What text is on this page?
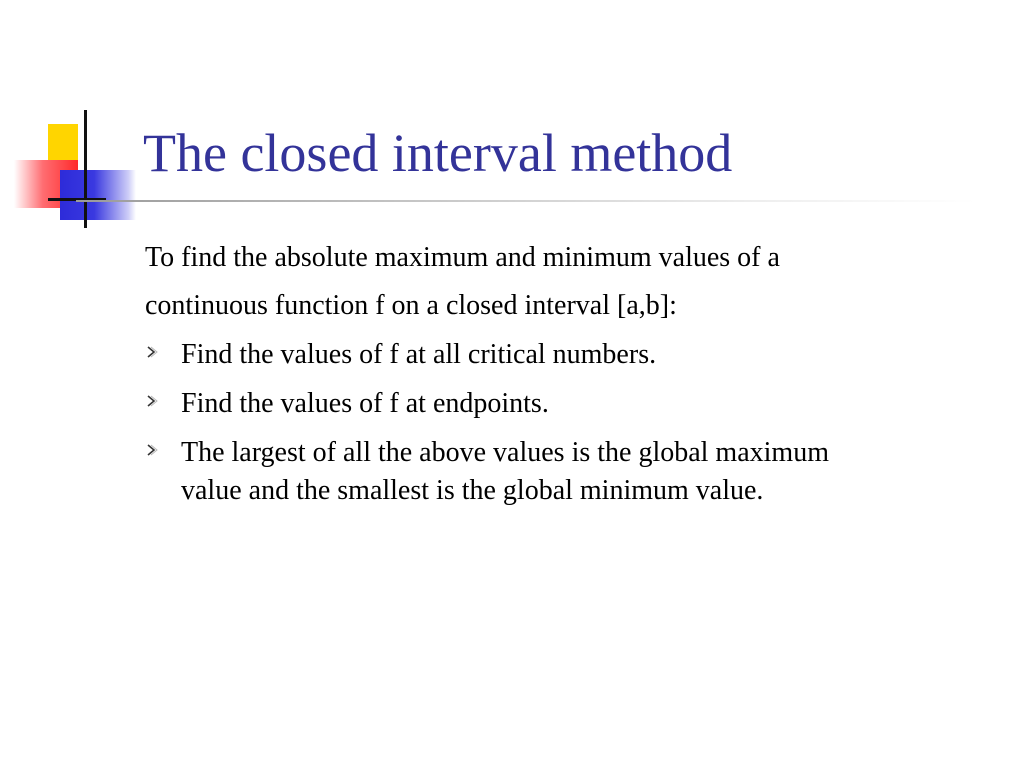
The closed interval method

To find the absolute maximum and minimum values of a
continuous function f on a closed interval [a,b]:

Find the values of f at all critical numbers.
Find the values of f at endpoints.
The largest of all the above values is the global maximum
value and the smallest is the global minimum value.
